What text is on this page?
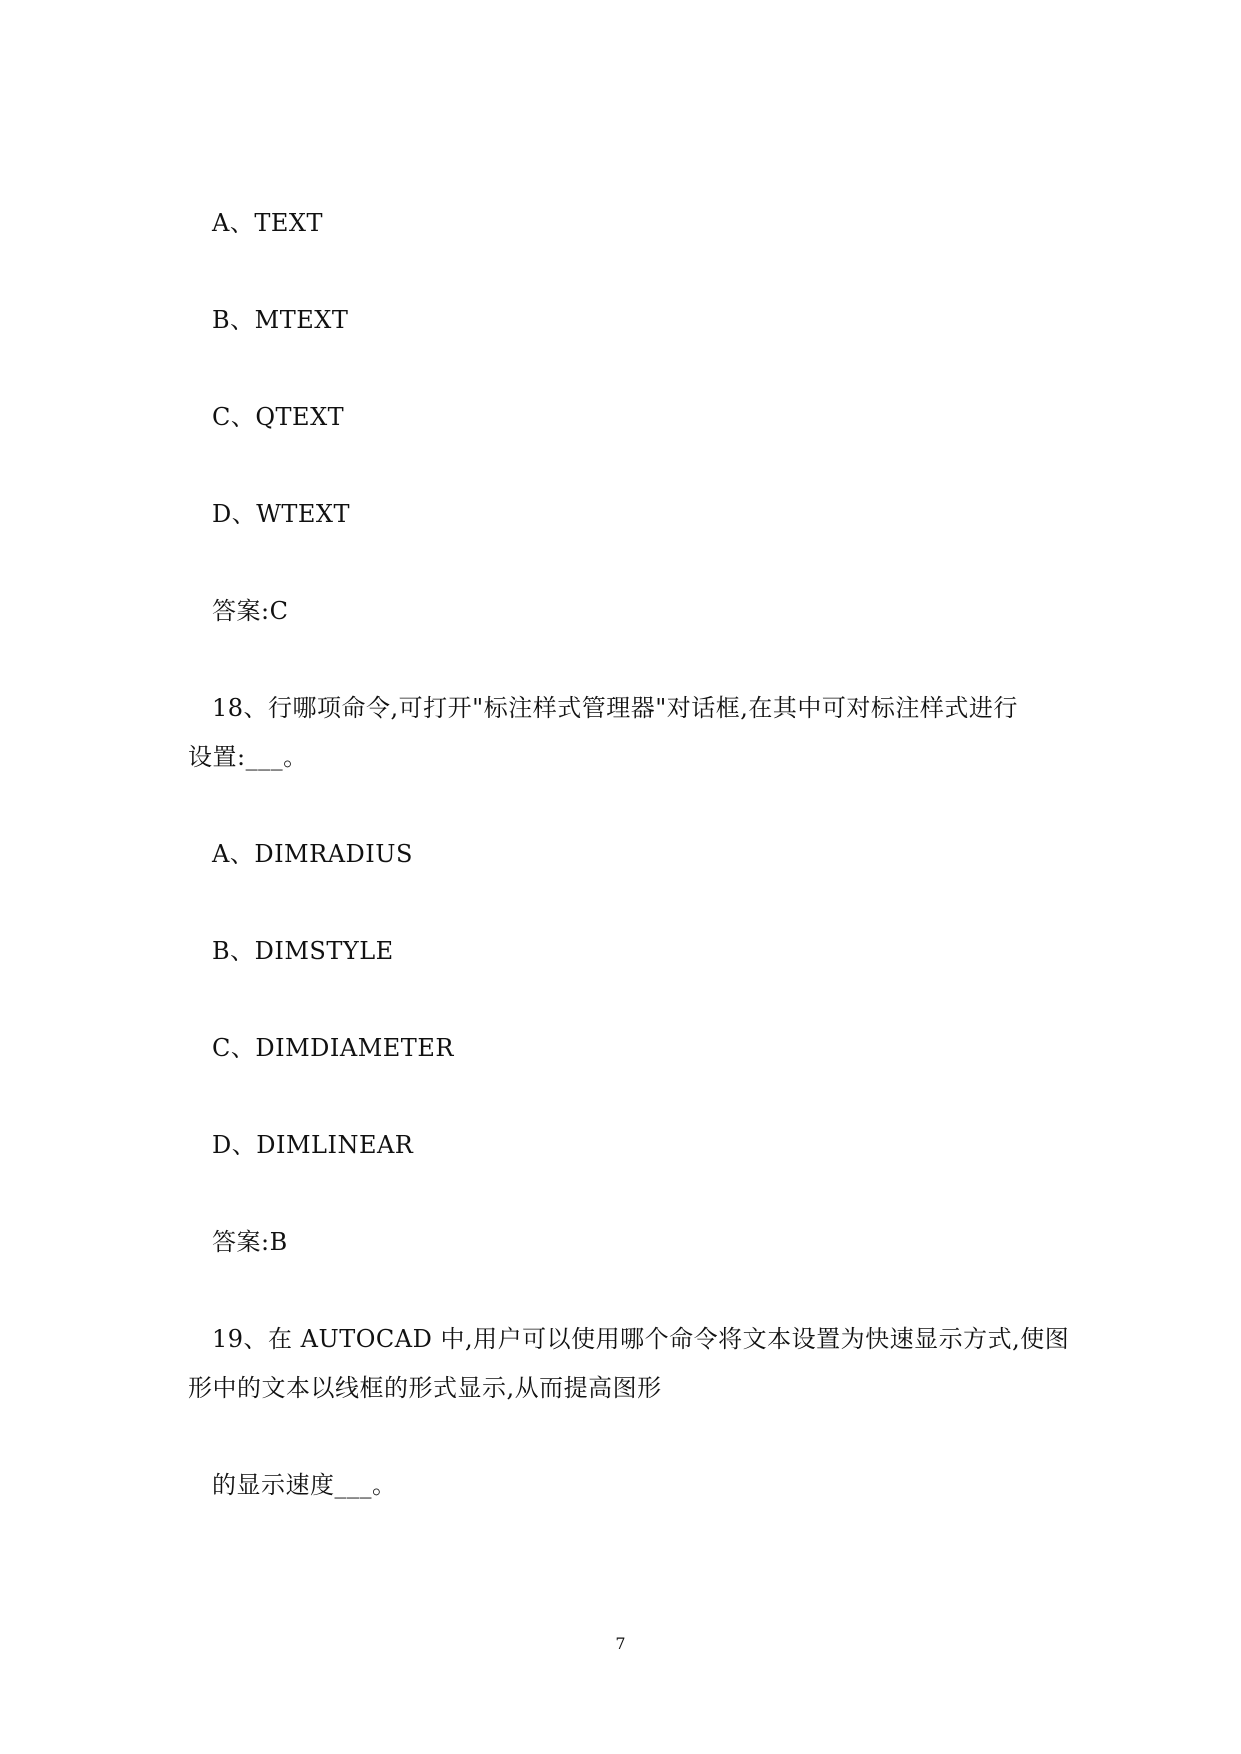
A、TEXT
B、MTEXT
C、QTEXT
D、WTEXT
答案:C
18、行哪项命令,可打开"标注样式管理器"对话框,在其中可对标注样式进行
设置:___。
A、DIMRADIUS
B、DIMSTYLE
C、DIMDIAMETER
D、DIMLINEAR
答案:B
19、在 AUTOCAD 中,用户可以使用哪个命令将文本设置为快速显示方式,使图
形中的文本以线框的形式显示,从而提高图形
的显示速度___。
7
